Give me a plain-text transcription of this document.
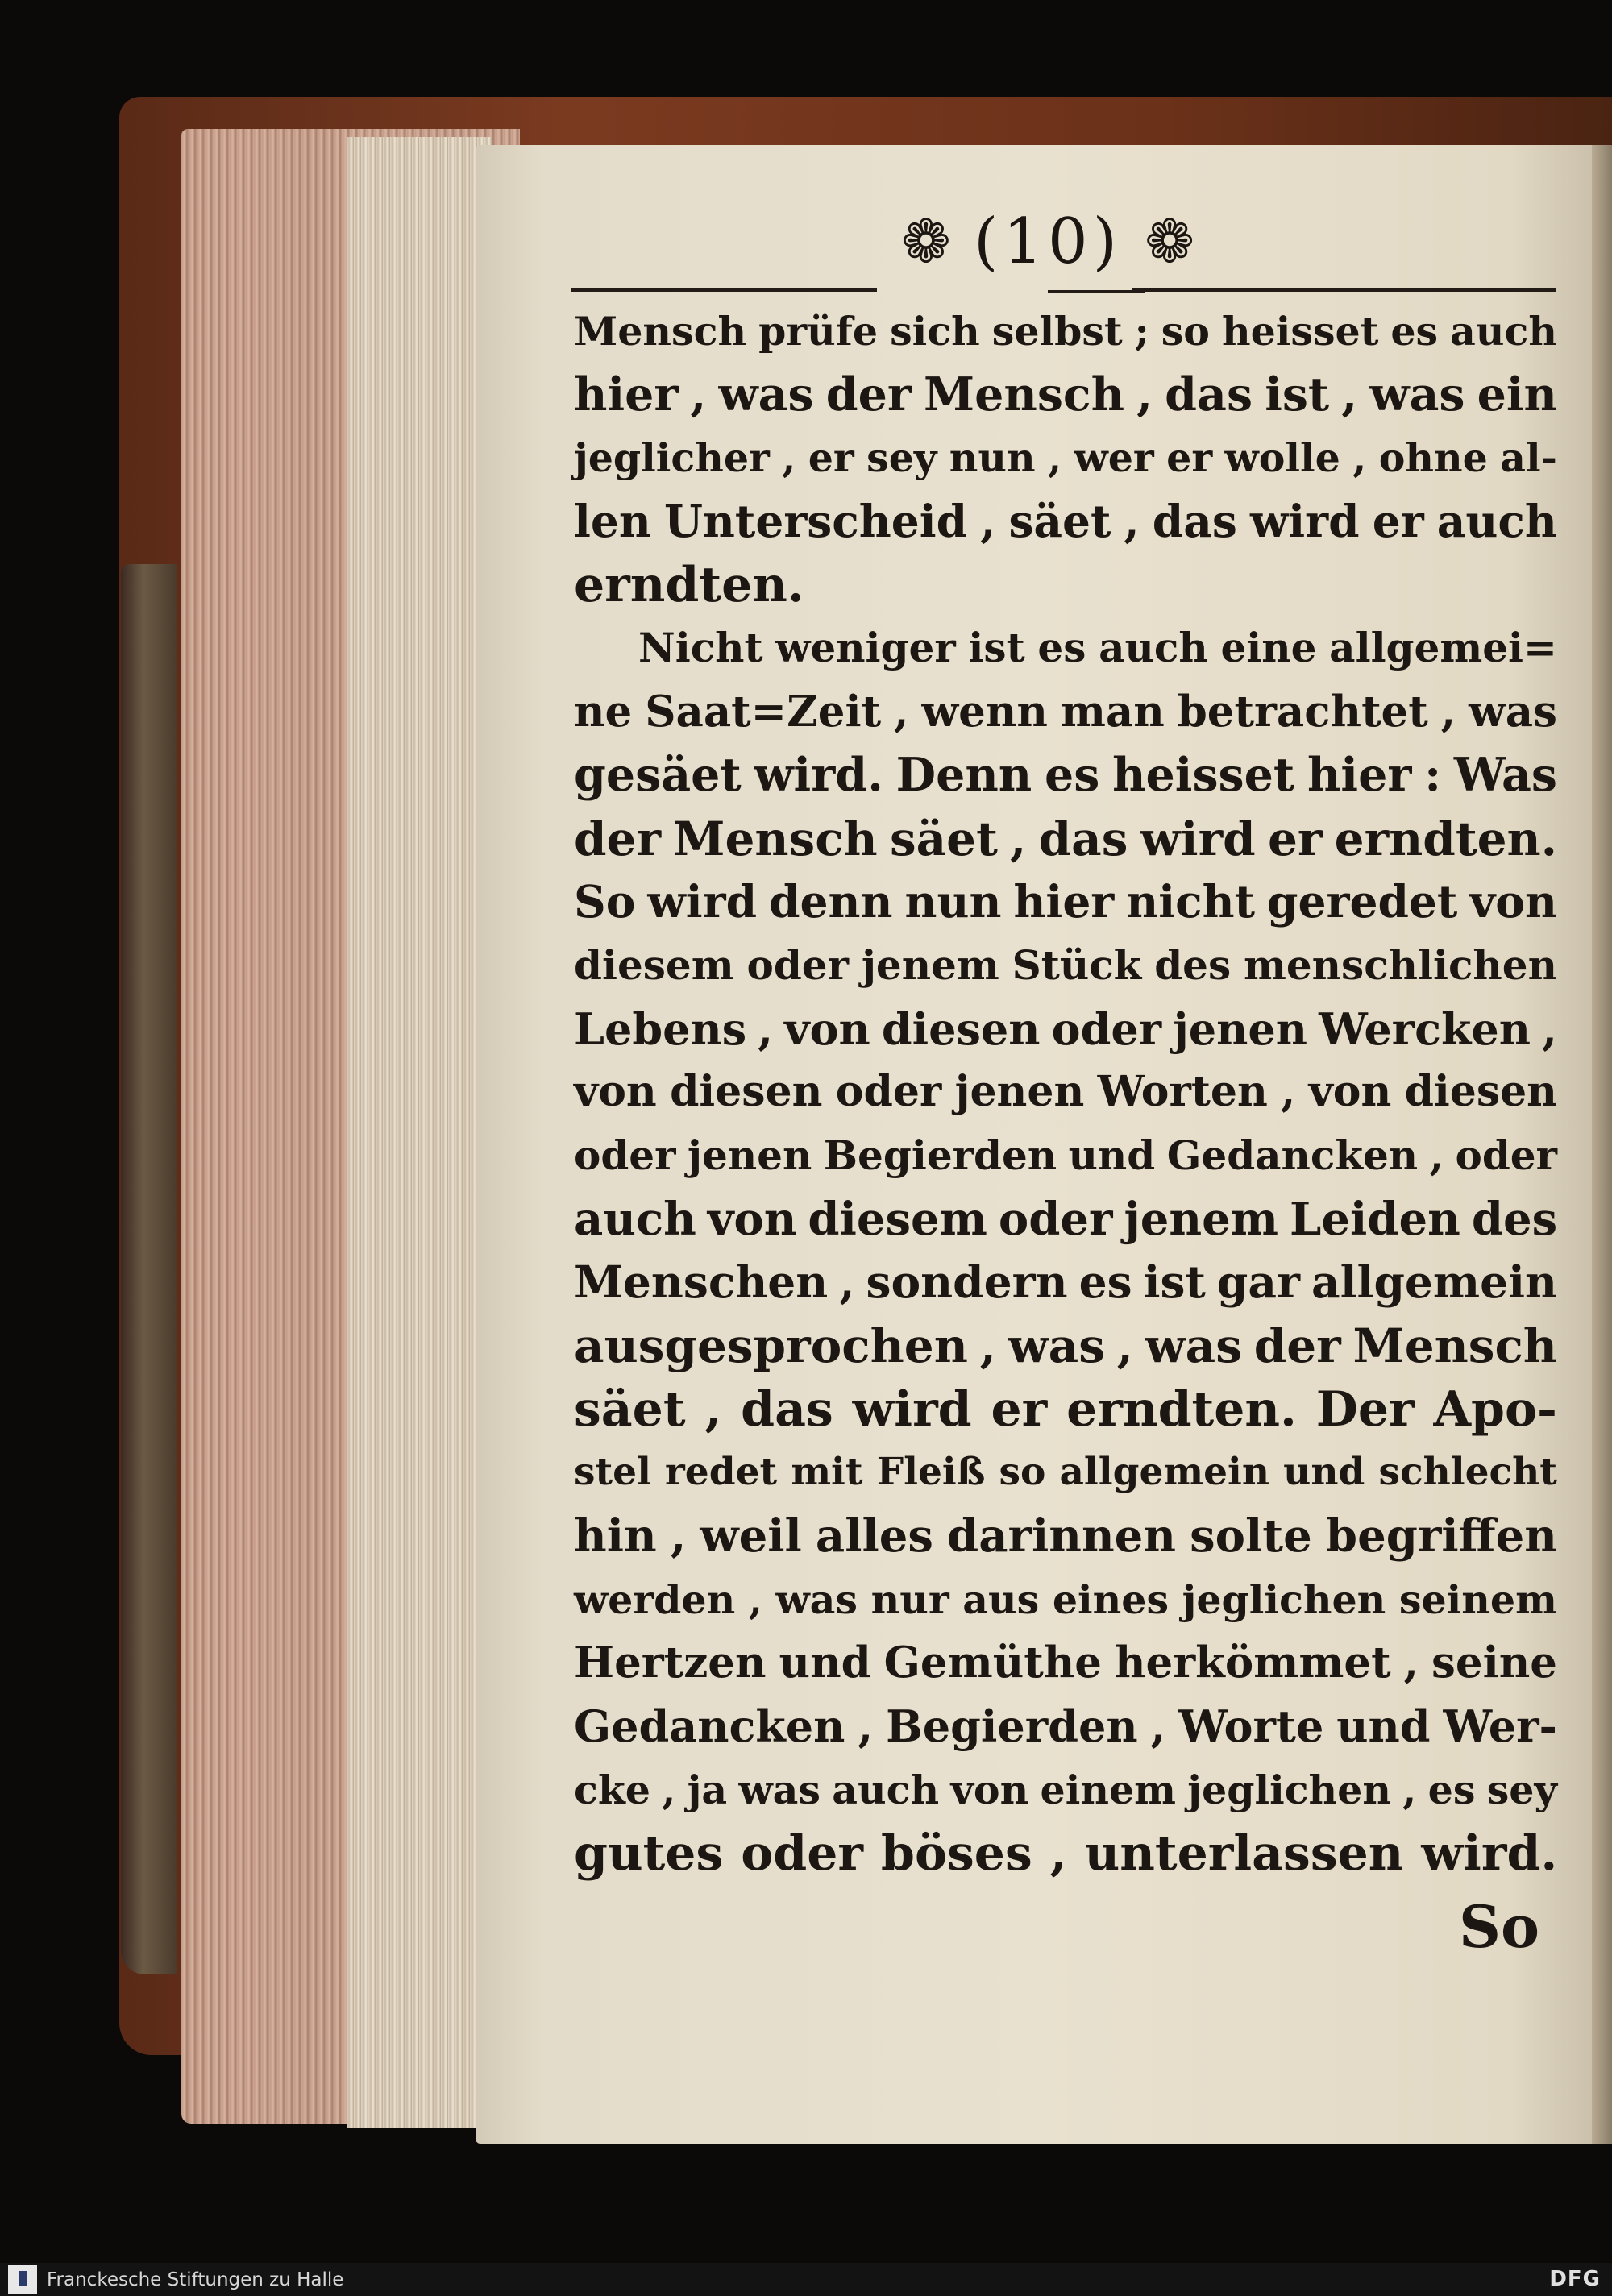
❁ (10) ❁
Mensch prüfe sich selbst ; so heisset es auch
hier , was der Mensch , das ist , was ein
jeglicher , er sey nun , wer er wolle , ohne al-
len Unterscheid , säet , das wird er auch
erndten.
Nicht weniger ist es auch eine allgemei=
ne Saat=Zeit , wenn man betrachtet , was
gesäet wird. Denn es heisset hier : Was
der Mensch säet , das wird er erndten.
So wird denn nun hier nicht geredet von
diesem oder jenem Stück des menschlichen
Lebens , von diesen oder jenen Wercken ,
von diesen oder jenen Worten , von diesen
oder jenen Begierden und Gedancken , oder
auch von diesem oder jenem Leiden des
Menschen , sondern es ist gar allgemein
ausgesprochen , was , was der Mensch
säet , das wird er erndten. Der Apo-
stel redet mit Fleiß so allgemein und schlecht
hin , weil alles darinnen solte begriffen
werden , was nur aus eines jeglichen seinem
Hertzen und Gemüthe herkömmet , seine
Gedancken , Begierden , Worte und Wer-
cke , ja was auch von einem jeglichen , es sey
gutes oder böses , unterlassen wird.
So
Franckesche Stiftungen zu Halle	DFG
